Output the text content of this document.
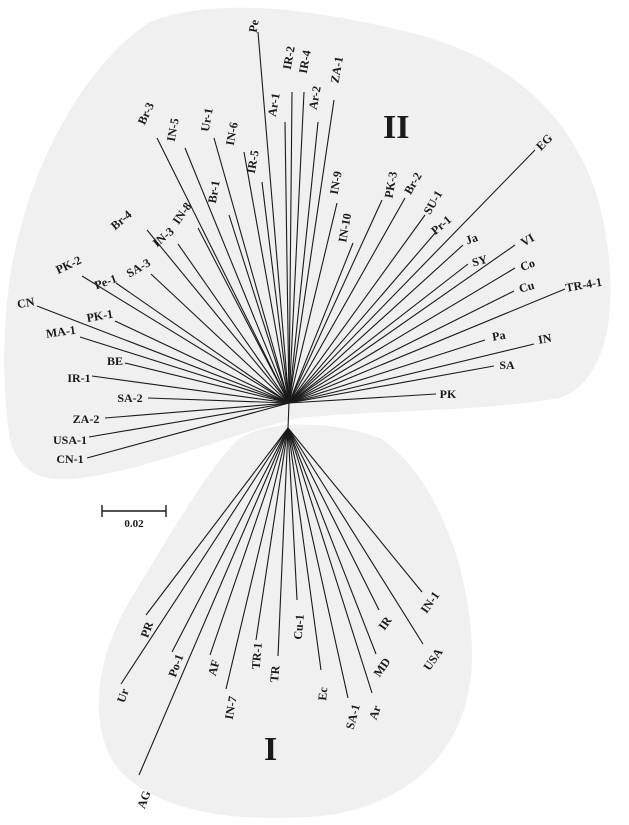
Pe
IR-2
IR-4 ZA-1
Ar-1 Ar-2
Ur-1
IN-6
IN-5
Br-3
IR-5
Br-1	IN-9
IN-8
IN-3
Br-4
SA-3
PK-2
Pe-1
PK-1
CN
MA-1
BE
IR-1
SA-2
ZA-2
USA-1
CN-1
IN-10
PK-3 Br-2
SU-1
Pr-1
EG
Ja
SY
VI
Co
Cu TR-4-1
Pa	IN
SA
PK
PR
Ur
Po-1
AG
AF
IN-7
TR-1
TR
Cu-1
Ec
SA-1 Ar
MD
IR
USA
IN-1
II
I
0.02
